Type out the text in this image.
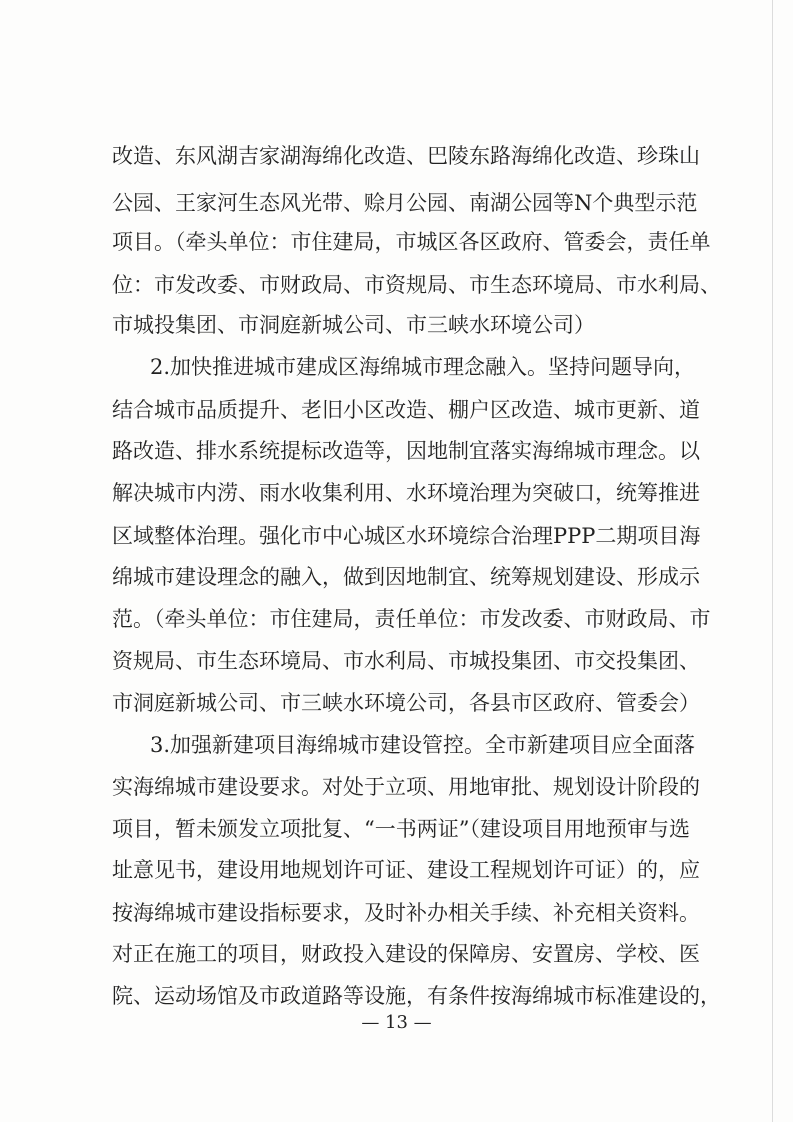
改造、东风湖吉家湖海绵化改造、巴陵东路海绵化改造、珍珠山
公园、王家河生态风光带、赊月公园、南湖公园等N个典型示范
项目。（牵头单位：市住建局，市城区各区政府、管委会，责任单
位：市发改委、市财政局、市资规局、市生态环境局、市水利局、
市城投集团、市洞庭新城公司、市三峡水环境公司）
2.加快推进城市建成区海绵城市理念融入。坚持问题导向，
结合城市品质提升、老旧小区改造、棚户区改造、城市更新、道
路改造、排水系统提标改造等，因地制宜落实海绵城市理念。以
解决城市内涝、雨水收集利用、水环境治理为突破口，统筹推进
区域整体治理。强化市中心城区水环境综合治理PPP二期项目海
绵城市建设理念的融入，做到因地制宜、统筹规划建设、形成示
范。（牵头单位：市住建局，责任单位：市发改委、市财政局、市
资规局、市生态环境局、市水利局、市城投集团、市交投集团、
市洞庭新城公司、市三峡水环境公司，各县市区政府、管委会）
3.加强新建项目海绵城市建设管控。全市新建项目应全面落
实海绵城市建设要求。对处于立项、用地审批、规划设计阶段的
项目，暂未颁发立项批复、“一书两证”（建设项目用地预审与选
址意见书，建设用地规划许可证、建设工程规划许可证）的，应
按海绵城市建设指标要求，及时补办相关手续、补充相关资料。
对正在施工的项目，财政投入建设的保障房、安置房、学校、医
院、运动场馆及市政道路等设施，有条件按海绵城市标准建设的，
— 13 —
